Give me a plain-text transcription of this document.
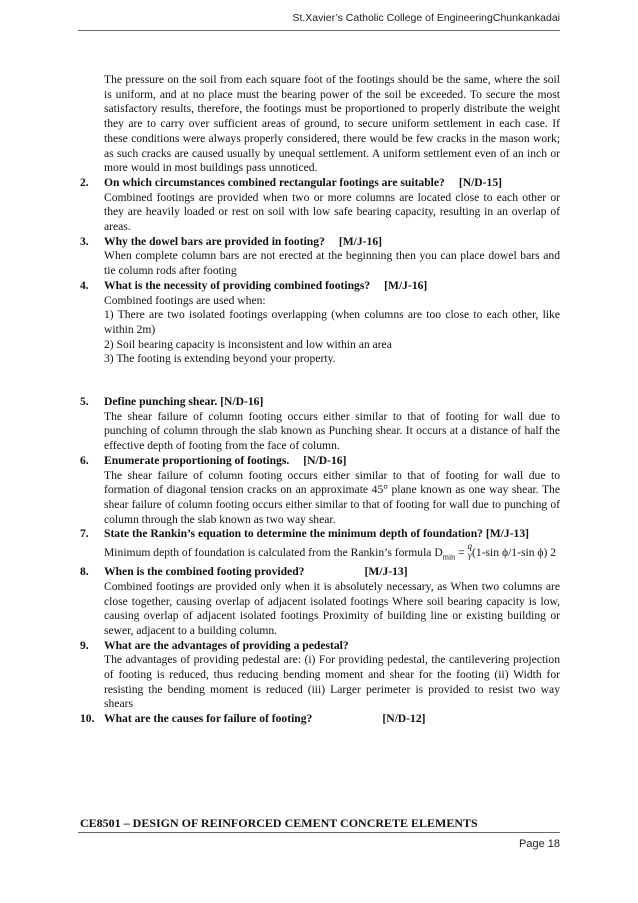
St.Xavier’s Catholic College of EngineeringChunkankadai

The pressure on the soil from each square foot of the footings should be the same, where the soil is uniform, and at no place must the bearing power of the soil be exceeded. To secure the most satisfactory results, therefore, the footings must be proportioned to properly distribute the weight they are to carry over sufficient areas of ground, to secure uniform settlement in each case. If these conditions were always properly considered, there would be few cracks in the mason work; as such cracks are caused usually by unequal settlement. A uniform settlement even of an inch or more would in most buildings pass unnoticed.

2.	On which circumstances combined rectangular footings are suitable? [N/D-15]
Combined footings are provided when two or more columns are located close to each other or they are heavily loaded or rest on soil with low safe bearing capacity, resulting in an overlap of areas.
3.	Why the dowel bars are provided in footing? [M/J-16]
When complete column bars are not erected at the beginning then you can place dowel bars and tie column rods after footing
4.	What is the necessity of providing combined footings? [M/J-16]
Combined footings are used when:
1) There are two isolated footings overlapping (when columns are too close to each other, like within 2m)
2) Soil bearing capacity is inconsistent and low within an area
3) The footing is extending beyond your property.
5.	Define punching shear. [N/D-16]
The shear failure of column footing occurs either similar to that of footing for wall due to punching of column through the slab known as Punching shear. It occurs at a distance of half the effective depth of footing from the face of column.
6.	Enumerate proportioning of footings. [N/D-16]
The shear failure of column footing occurs either similar to that of footing for wall due to formation of diagonal tension cracks on an approximate 45° plane known as one way shear. The shear failure of column footing occurs either similar to that of footing for wall due to punching of column through the slab known as two way shear.
7.	State the Rankin’s equation to determine the minimum depth of foundation? [M/J-13]
Minimum depth of foundation is calculated from the Rankin’s formula $D_{min} = q$
γ(1-sin ϕ/1-sin ϕ) 2
8.	When is the combined footing provided?	[M/J-13]
Combined footings are provided only when it is absolutely necessary, as When two columns are close together, causing overlap of adjacent isolated footings Where soil bearing capacity is low, causing overlap of adjacent isolated footings Proximity of building line or existing building or sewer, adjacent to a building column.
9.	What are the advantages of providing a pedestal?
The advantages of providing pedestal are: (i) For providing pedestal, the cantilevering projection of footing is reduced, thus reducing bending moment and shear for the footing (ii) Width for resisting the bending moment is reduced (iii) Larger perimeter is provided to resist two way shears
10. What are the causes for failure of footing?	[N/D-12]
CE8501 – DESIGN OF REINFORCED CEMENT CONCRETE ELEMENTS
Page 18
